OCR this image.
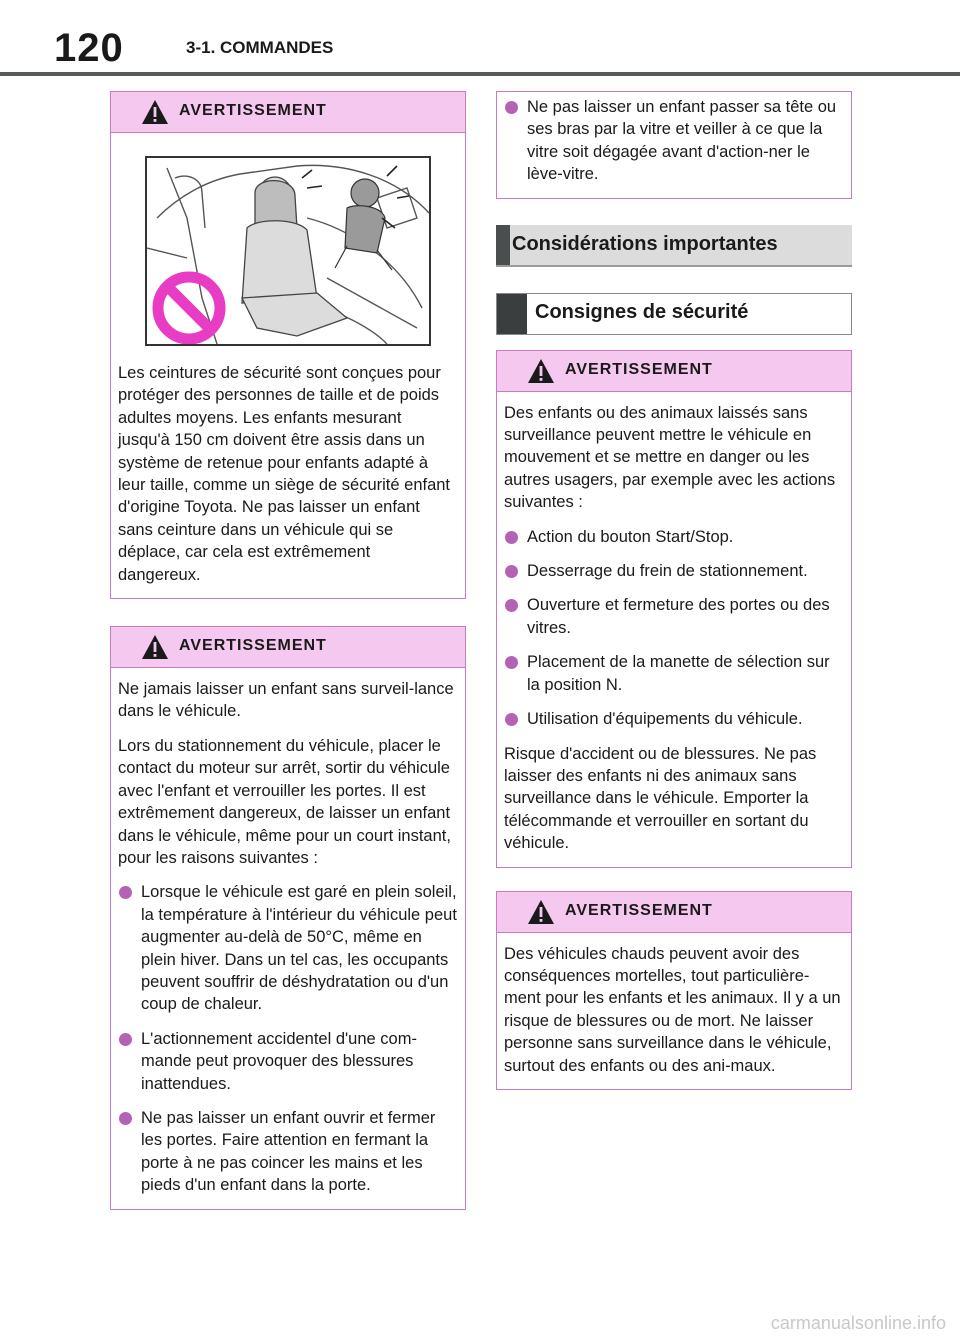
120	3-1. COMMANDES
AVERTISSEMENT

Les ceintures de sécurité sont conçues pour protéger des personnes de taille et de poids adultes moyens. Les enfants mesurant jusqu'à 150 cm doivent être assis dans un système de retenue pour enfants adapté à leur taille, comme un siège de sécurité enfant d'origine Toyota. Ne pas laisser un enfant sans ceinture dans un véhicule qui se déplace, car cela est extrêmement dangereux.

AVERTISSEMENT

Ne jamais laisser un enfant sans surveil-lance dans le véhicule.

Lors du stationnement du véhicule, placer le contact du moteur sur arrêt, sortir du véhicule avec l'enfant et verrouiller les portes. Il est extrêmement dangereux, de laisser un enfant dans le véhicule, même pour un court instant, pour les raisons suivantes :

Lorsque le véhicule est garé en plein soleil, la température à l'intérieur du véhicule peut augmenter au-delà de 50°C, même en plein hiver. Dans un tel cas, les occupants peuvent souffrir de déshydratation ou d'un coup de chaleur.
L'actionnement accidentel d'une com-mande peut provoquer des blessures inattendues.
Ne pas laisser un enfant ouvrir et fermer les portes. Faire attention en fermant la porte à ne pas coincer les mains et les pieds d'un enfant dans la porte.
Ne pas laisser un enfant passer sa tête ou ses bras par la vitre et veiller à ce que la vitre soit dégagée avant d'action-ner le lève-vitre.
Considérations importantes
Consignes de sécurité
AVERTISSEMENT

Des enfants ou des animaux laissés sans surveillance peuvent mettre le véhicule en mouvement et se mettre en danger ou les autres usagers, par exemple avec les actions suivantes :

Action du bouton Start/Stop.
Desserrage du frein de stationnement.
Ouverture et fermeture des portes ou des vitres.
Placement de la manette de sélection sur la position N.
Utilisation d'équipements du véhicule.

Risque d'accident ou de blessures. Ne pas laisser des enfants ni des animaux sans surveillance dans le véhicule. Emporter la télécommande et verrouiller en sortant du véhicule.

AVERTISSEMENT

Des véhicules chauds peuvent avoir des conséquences mortelles, tout particulière-ment pour les enfants et les animaux. Il y a un risque de blessures ou de mort. Ne laisser personne sans surveillance dans le véhicule, surtout des enfants ou des ani-maux.

carmanualsonline.info
